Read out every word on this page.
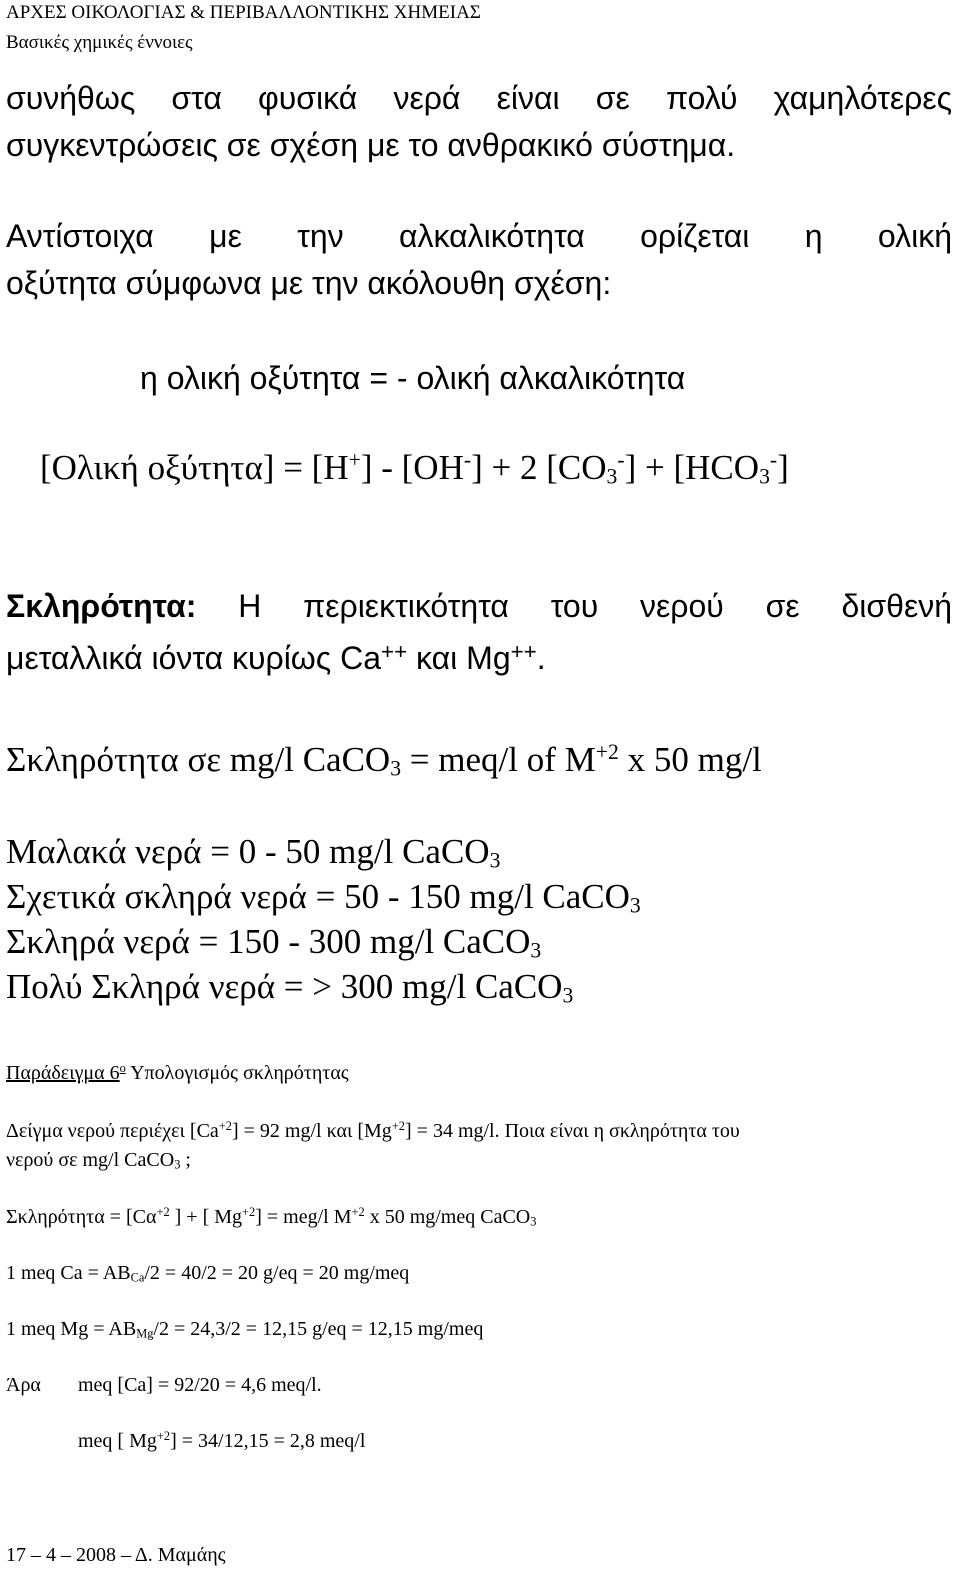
ΑΡΧΕΣ ΟΙΚΟΛΟΓΙΑΣ & ΠΕΡΙΒΑΛΛΟΝΤΙΚΗΣ ΧΗΜΕΙΑΣ
Βασικές χημικές έννοιες
συνήθως στα φυσικά νερά είναι σε πολύ χαμηλότερες
συγκεντρώσεις σε σχέση με το ανθρακικό σύστημα.
Αντίστοιχα με την αλκαλικότητα ορίζεται η ολική
οξύτητα σύμφωνα με την ακόλουθη σχέση:
η ολική οξύτητα = - ολική αλκαλικότητα
[Ολική οξύτητα] = [H+] - [OH-] + 2 $[CO_3^-] + [HCO_3^-]$
Σκληρότητα: Η περιεκτικότητα του νερού σε δισθενή
μεταλλικά ιόντα κυρίως Ca++ και Mg++.
Σκληρότητα σε mg/l CaCO$_3$ = meq/l of $M^{+2}$ x 50 mg/l
Μαλακά νερά = 0 - 50 mg/l CaCO$_3$
Σχετικά σκληρά νερά = 50 - 150 mg/l CaCO$_3$
Σκληρά νερά = 150 - 300 mg/l CaCO$_3$
Πολύ Σκληρά νερά = > 300 mg/l CaCO$_3$
Παράδειγμα $6^o$ Υπολογισμός σκληρότητας
Δείγμα νερού περιέχει $[Ca^{+2}] = 92$ mg/l και $[Mg^{+2}] = 34$ mg/l. Ποια είναι η σκληρότητα του
νερού σε mg/l CaCO$_3$ ;
$\Sigma\kappa\lambda\eta\rho ό\tau\eta\tau\alpha = [C\alpha^{+2}$ ] + [ $Mg^{+2}] = meg/l$ $M^{+2}$ x 50 mg/meq CaCO$_3$
1 meq $Ca = AB_{Ca}/2 = 40/2 = 20$ g/eq = 20 mg/meq
1 meq $Mg = AB_{Mg}/2 = 24,3/2 = 12,15$ g/eq = 12,15 mg/meq
Άρα meq [Ca] = 92/20 = 4,6 meq/l.
meq [ $Mg^{+2}] = 34/12,15 = 2,8$ meq/l
17 – 4 – 2008 – Δ. Μαμάης
